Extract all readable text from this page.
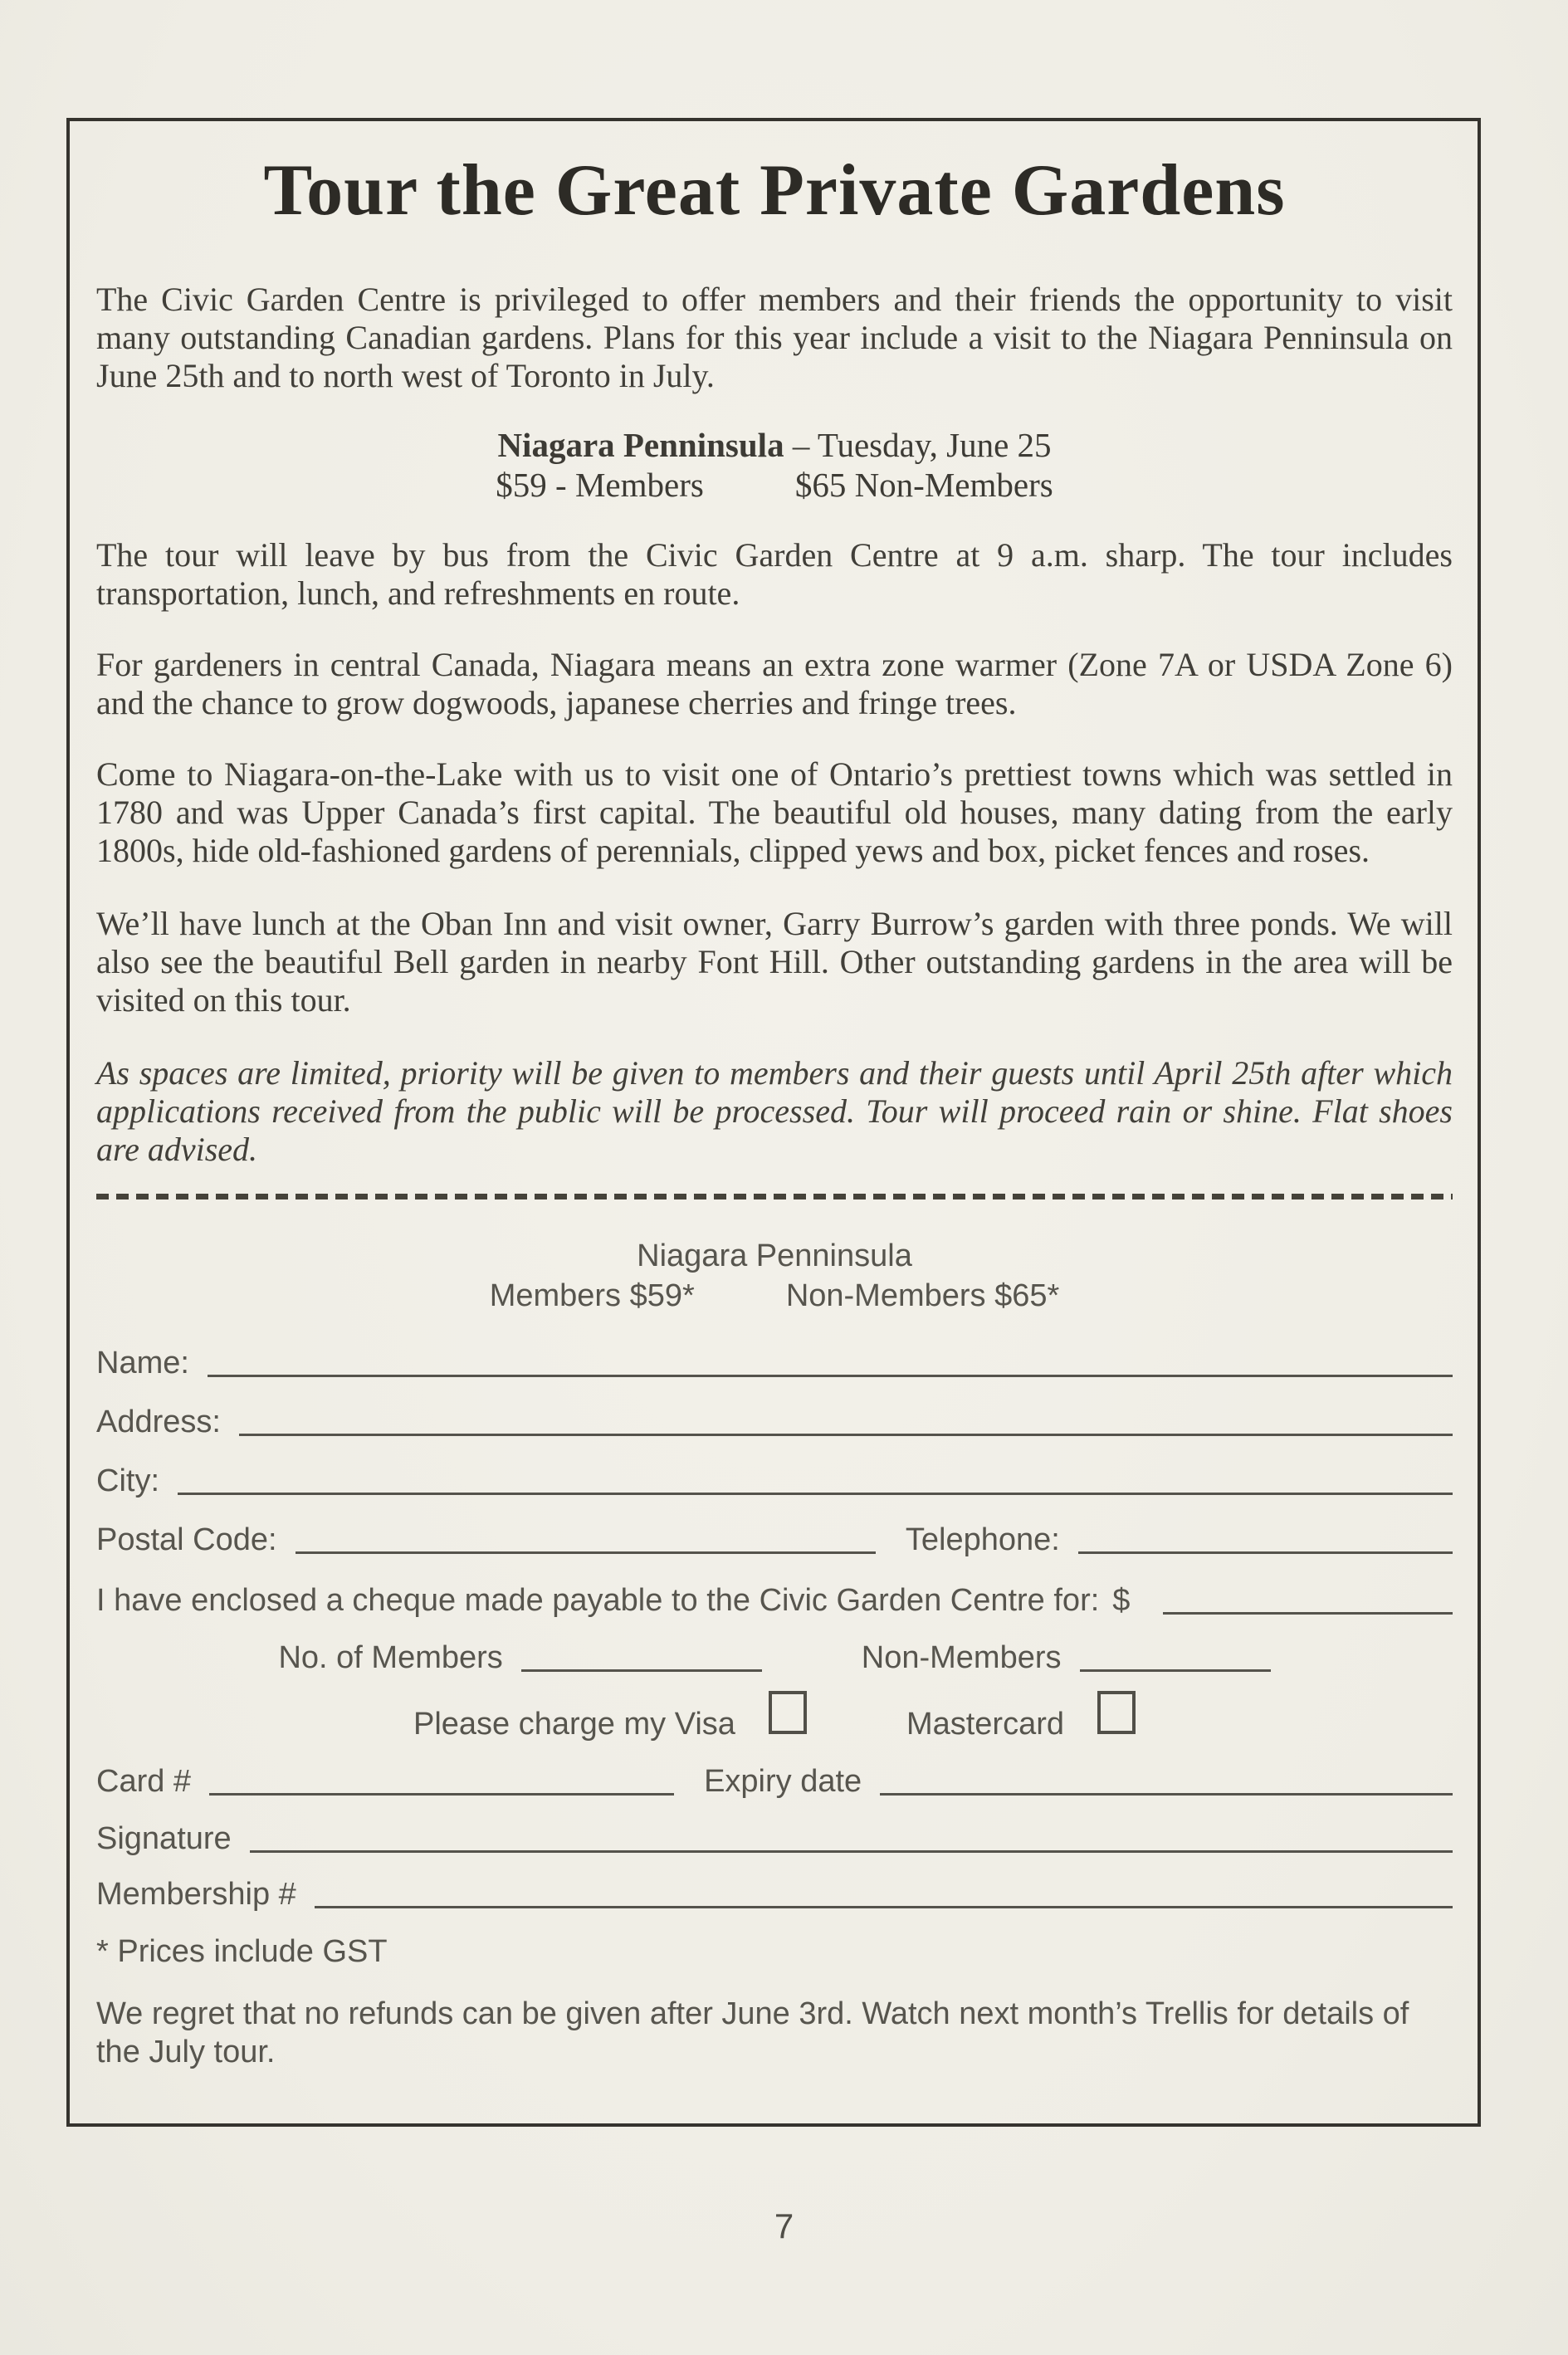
Tour the Great Private Gardens

The Civic Garden Centre is privileged to offer members and their friends the opportunity to visit many outstanding Canadian gardens. Plans for this year include a visit to the Niagara Penninsula on June 25th and to north west of Toronto in July.

Niagara Penninsula – Tuesday, June 25
$59 - Members	$65 Non-Members

The tour will leave by bus from the Civic Garden Centre at 9 a.m. sharp. The tour includes transportation, lunch, and refreshments en route.

For gardeners in central Canada, Niagara means an extra zone warmer (Zone 7A or USDA Zone 6) and the chance to grow dogwoods, japanese cherries and fringe trees.

Come to Niagara-on-the-Lake with us to visit one of Ontario’s prettiest towns which was settled in 1780 and was Upper Canada’s first capital. The beautiful old houses, many dating from the early 1800s, hide old-fashioned gardens of perennials, clipped yews and box, picket fences and roses.

We’ll have lunch at the Oban Inn and visit owner, Garry Burrow’s garden with three ponds. We will also see the beautiful Bell garden in nearby Font Hill. Other outstanding gardens in the area will be visited on this tour.

As spaces are limited, priority will be given to members and their guests until April 25th after which applications received from the public will be processed. Tour will proceed rain or shine. Flat shoes are advised.

Niagara Penninsula
Members $59*	Non-Members $65*
Name:
Address:
City:
Postal Code:	Telephone:
I have enclosed a cheque made payable to the Civic Garden Centre for: $
No. of Members	Non-Members
Please charge my Visa	Mastercard
Card #	Expiry date
Signature
Membership #
* Prices include GST

We regret that no refunds can be given after June 3rd. Watch next month’s Trellis for details of the July tour.

7
